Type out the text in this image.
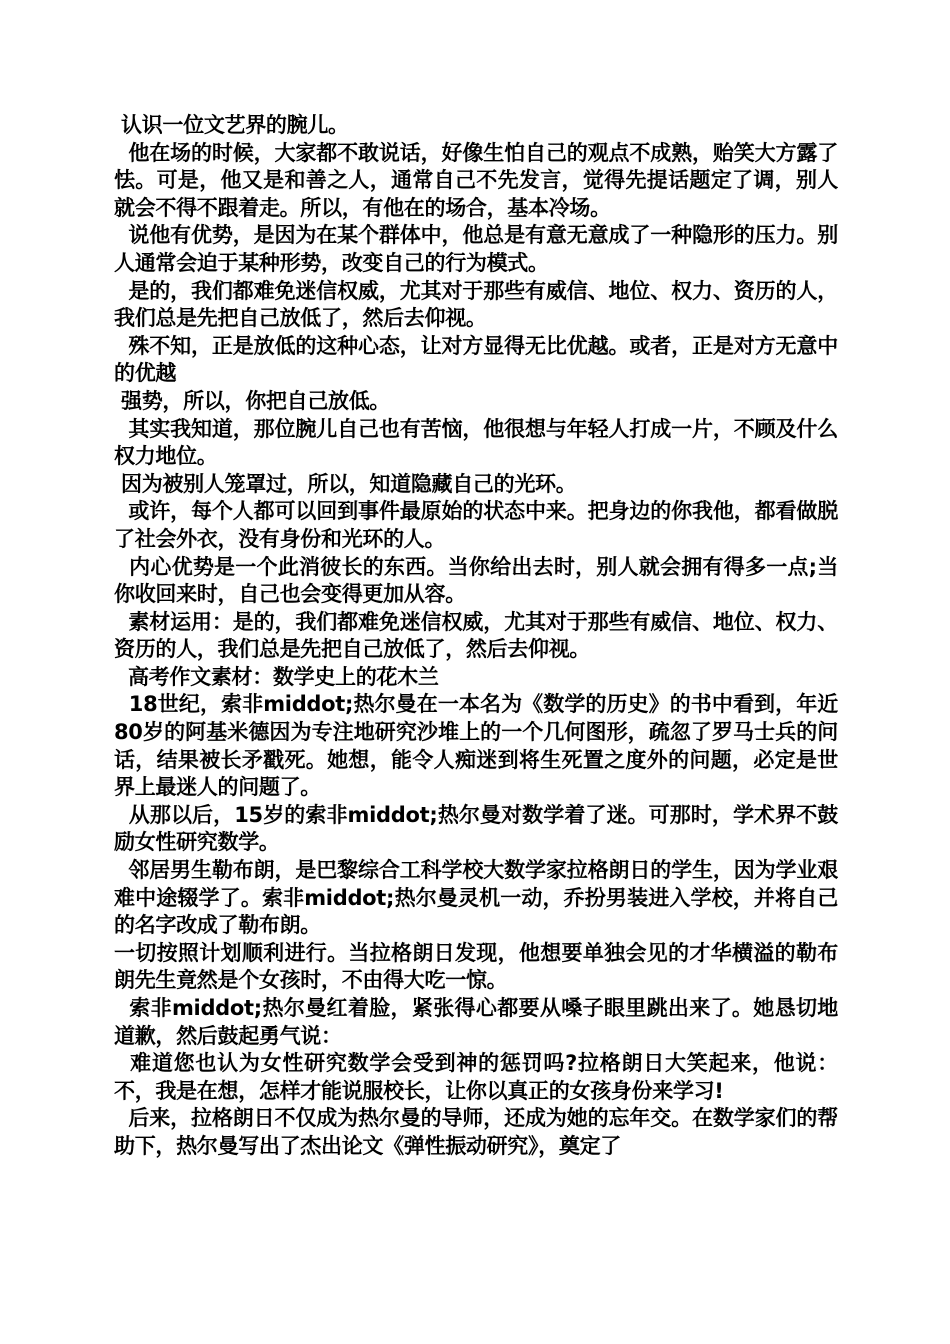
认识一位文艺界的腕儿。

他在场的时候，大家都不敢说话，好像生怕自己的观点不成熟，贻笑大方露了怯。可是，他又是和善之人，通常自己不先发言，觉得先提话题定了调，别人就会不得不跟着走。所以，有他在的场合，基本冷场。

说他有优势，是因为在某个群体中，他总是有意无意成了一种隐形的压力。别人通常会迫于某种形势，改变自己的行为模式。

是的，我们都难免迷信权威，尤其对于那些有威信、地位、权力、资历的人，我们总是先把自己放低了，然后去仰视。

殊不知，正是放低的这种心态，让对方显得无比优越。或者，正是对方无意中的优越

强势，所以，你把自己放低。

其实我知道，那位腕儿自己也有苦恼，他很想与年轻人打成一片，不顾及什么权力地位。

因为被别人笼罩过，所以，知道隐藏自己的光环。

或许，每个人都可以回到事件最原始的状态中来。把身边的你我他，都看做脱了社会外衣，没有身份和光环的人。

内心优势是一个此消彼长的东西。当你给出去时，别人就会拥有得多一点;当你收回来时，自己也会变得更加从容。

素材运用：是的，我们都难免迷信权威，尤其对于那些有威信、地位、权力、资历的人，我们总是先把自己放低了，然后去仰视。

高考作文素材：数学史上的花木兰

18世纪，索非middot;热尔曼在一本名为《数学的历史》的书中看到，年近80岁的阿基米德因为专注地研究沙堆上的一个几何图形，疏忽了罗马士兵的问话，结果被长矛戳死。她想，能令人痴迷到将生死置之度外的问题，必定是世界上最迷人的问题了。

从那以后，15岁的索非middot;热尔曼对数学着了迷。可那时，学术界不鼓励女性研究数学。

邻居男生勒布朗，是巴黎综合工科学校大数学家拉格朗日的学生，因为学业艰难中途辍学了。索非middot;热尔曼灵机一动，乔扮男装进入学校，并将自己的名字改成了勒布朗。

一切按照计划顺利进行。当拉格朗日发现，他想要单独会见的才华横溢的勒布朗先生竟然是个女孩时，不由得大吃一惊。

索非middot;热尔曼红着脸，紧张得心都要从嗓子眼里跳出来了。她恳切地道歉，然后鼓起勇气说：

难道您也认为女性研究数学会受到神的惩罚吗?拉格朗日大笑起来，他说：不，我是在想，怎样才能说服校长，让你以真正的女孩身份来学习!

后来，拉格朗日不仅成为热尔曼的导师，还成为她的忘年交。在数学家们的帮助下，热尔曼写出了杰出论文《弹性振动研究》，奠定了
